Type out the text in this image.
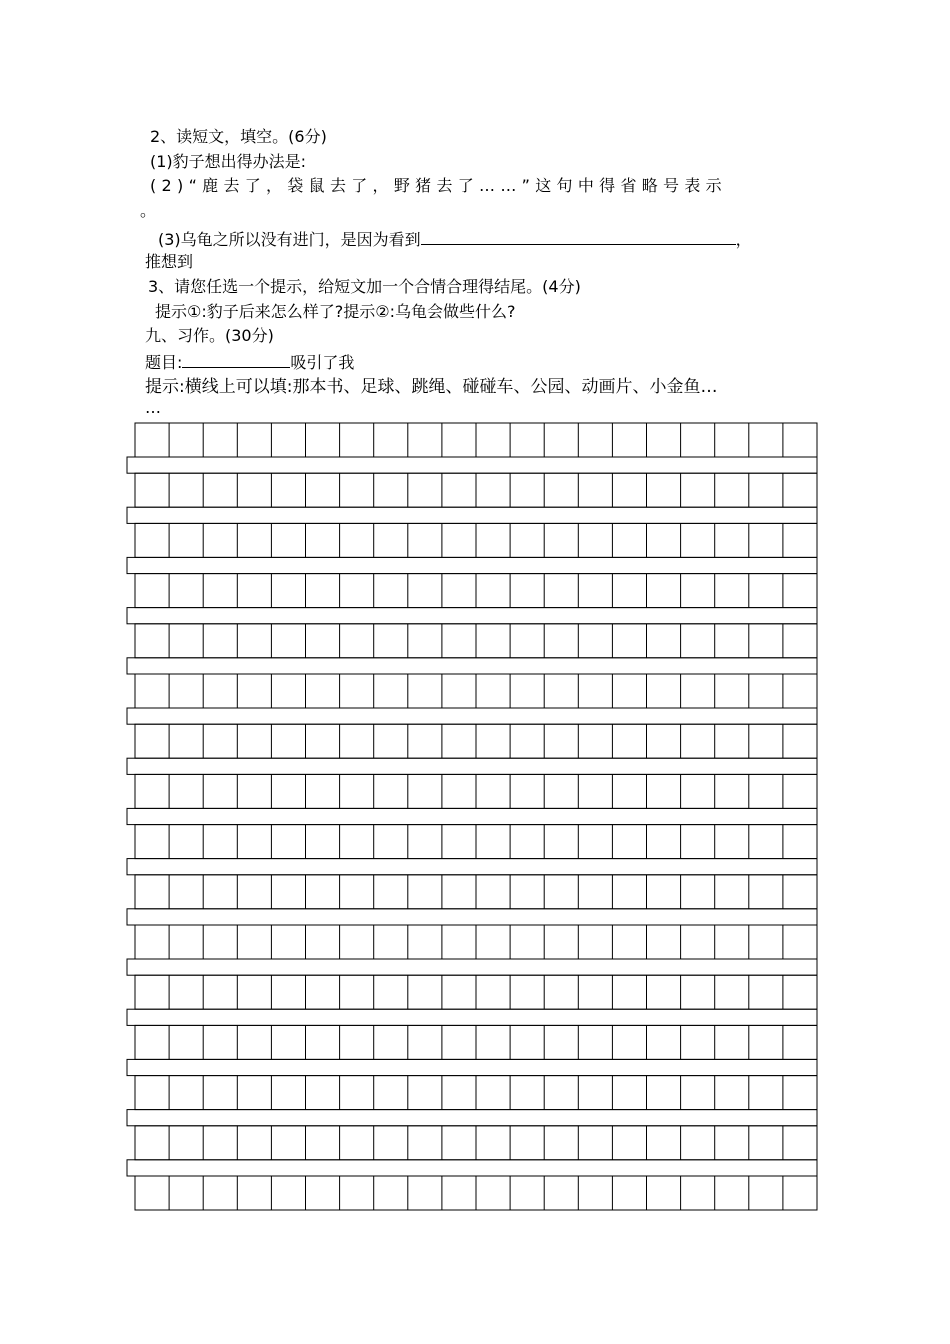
2、读短文，填空。(6分)
(1)豹子想出得办法是:
(2)“鹿去了，袋鼠去了，野猪去了……”这句中得省略号表示
。
(3)乌龟之所以没有进门，是因为看到	，
推想到
3、请您任选一个提示，给短文加一个合情合理得结尾。(4分)
提示①:豹子后来怎么样了?提示②:乌龟会做些什么?
九、习作。(30分)
题目:	吸引了我
提示:横线上可以填:那本书、足球、跳绳、碰碰车、公园、动画片、小金鱼…
…
